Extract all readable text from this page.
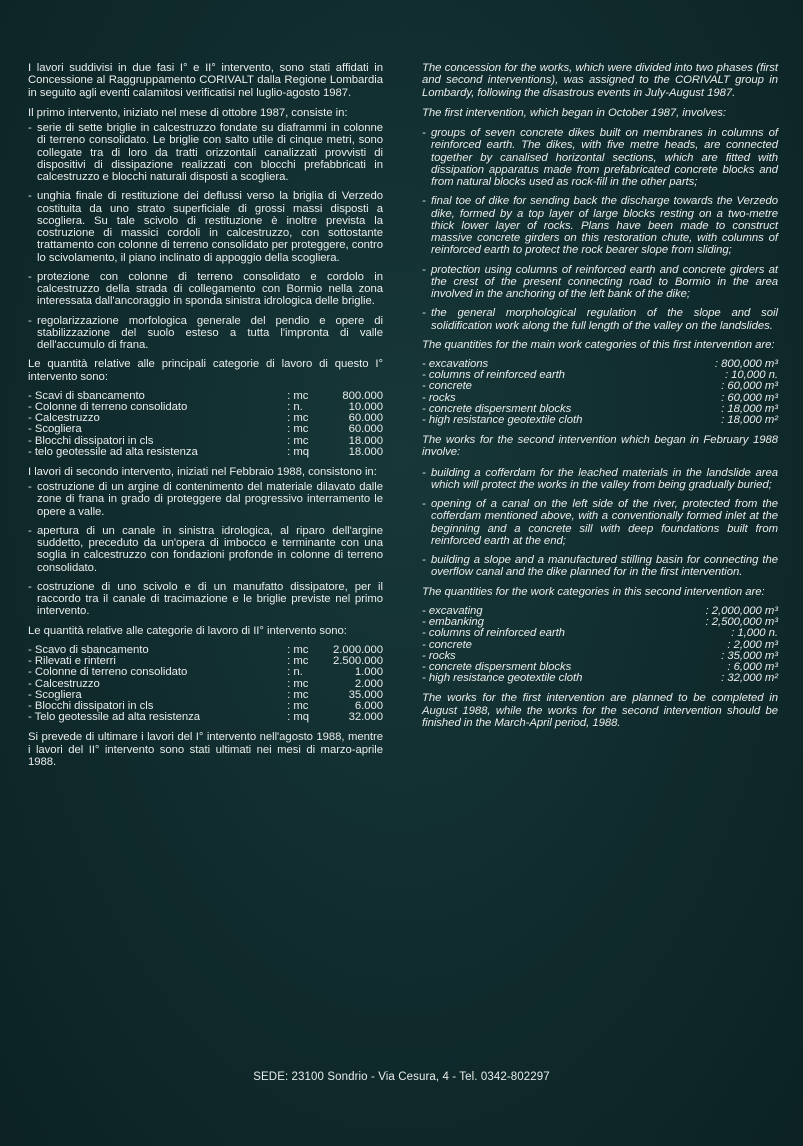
I lavori suddivisi in due fasi I° e II° intervento, sono stati affidati in Concessione al Raggruppamento CORIVALT dalla Regione Lombardia in seguito agli eventi calamitosi verificatisi nel luglio-agosto 1987.

Il primo intervento, iniziato nel mese di ottobre 1987, consiste in:

- serie di sette briglie in calcestruzzo fondate su diaframmi in colonne di terreno consolidato. Le briglie con salto utile di cinque metri, sono collegate tra di loro da tratti orizzontali canalizzati provvisti di dispositivi di dissipazione realizzati con blocchi prefabbricati in calcestruzzo e blocchi naturali disposti a scogliera.
- unghia finale di restituzione dei deflussi verso la briglia di Verzedo costituita da uno strato superficiale di grossi massi disposti a scogliera. Su tale scivolo di restituzione è inoltre prevista la costruzione di massici cordoli in calcestruzzo, con sottostante trattamento con colonne di terreno consolidato per proteggere, contro lo scivolamento, il piano inclinato di appoggio della scogliera.
- protezione con colonne di terreno consolidato e cordolo in calcestruzzo della strada di collegamento con Bormio nella zona interessata dall'ancoraggio in sponda sinistra idrologica delle briglie.
- regolarizzazione morfologica generale del pendio e opere di stabilizzazione del suolo esteso a tutta l'impronta di valle dell'accumulo di frana.

Le quantità relative alle principali categorie di lavoro di questo I° intervento sono:

- Scavi di sbancamento	: mc	800.000
- Colonne di terreno consolidato	: n.	10.000
- Calcestruzzo	: mc	60.000
- Scogliera	: mc	60.000
- Blocchi dissipatori in cls	: mc	18.000
- telo geotessile ad alta resistenza	: mq	18.000

I lavori di secondo intervento, iniziati nel Febbraio 1988, consistono in:

- costruzione di un argine di contenimento del materiale dilavato dalle zone di frana in grado di proteggere dal progressivo interramento le opere a valle.
- apertura di un canale in sinistra idrologica, al riparo dell'argine suddetto, preceduto da un'opera di imbocco e terminante con una soglia in calcestruzzo con fondazioni profonde in colonne di terreno consolidato.
- costruzione di uno scivolo e di un manufatto dissipatore, per il raccordo tra il canale di tracimazione e le briglie previste nel primo intervento.

Le quantità relative alle categorie di lavoro di II° intervento sono:

- Scavo di sbancamento	: mc	2.000.000
- Rilevati e rinterri	: mc	2.500.000
- Colonne di terreno consolidato	: n.	1.000
- Calcestruzzo	: mc	2.000
- Scogliera	: mc	35.000
- Blocchi dissipatori in cls	: mc	6.000
- Telo geotessile ad alta resistenza	: mq	32.000

Si prevede di ultimare i lavori del I° intervento nell'agosto 1988, mentre i lavori del II° intervento sono stati ultimati nei mesi di marzo-aprile 1988.

The concession for the works, which were divided into two phases (first and second interventions), was assigned to the CORIVALT group in Lombardy, following the disastrous events in July-August 1987.

The first intervention, which began in October 1987, involves:

- groups of seven concrete dikes built on membranes in columns of reinforced earth. The dikes, with five metre heads, are connected together by canalised horizontal sections, which are fitted with dissipation apparatus made from prefabricated concrete blocks and from natural blocks used as rock-fill in the other parts;
- final toe of dike for sending back the discharge towards the Verzedo dike, formed by a top layer of large blocks resting on a two-metre thick lower layer of rocks. Plans have been made to construct massive concrete girders on this restoration chute, with columns of reinforced earth to protect the rock bearer slope from sliding;
- protection using columns of reinforced earth and concrete girders at the crest of the present connecting road to Bormio in the area involved in the anchoring of the left bank of the dike;
- the general morphological regulation of the slope and soil solidification work along the full length of the valley on the landslides.

The quantities for the main work categories of this first intervention are:

- excavations	: 800,000 m³
- columns of reinforced earth	: 10,000 n.
- concrete	: 60,000 m³
- rocks	: 60,000 m³
- concrete dispersment blocks	: 18,000 m³
- high resistance geotextile cloth	: 18,000 m²

The works for the second intervention which began in February 1988 involve:

- building a cofferdam for the leached materials in the landslide area which will protect the works in the valley from being gradually buried;
- opening of a canal on the left side of the river, protected from the cofferdam mentioned above, with a conventionally formed inlet at the beginning and a concrete sill with deep foundations built from reinforced earth at the end;
- building a slope and a manufactured stilling basin for connecting the overflow canal and the dike planned for in the first intervention.

The quantities for the work categories in this second intervention are:

- excavating	: 2,000,000 m³
- embanking	: 2,500,000 m³
- columns of reinforced earth	: 1,000 n.
- concrete	: 2,000 m³
- rocks	: 35,000 m³
- concrete dispersment blocks	: 6,000 m³
- high resistance geotextile cloth	: 32,000 m²

The works for the first intervention are planned to be completed in August 1988, while the works for the second intervention should be finished in the March-April period, 1988.

SEDE: 23100 Sondrio - Via Cesura, 4 - Tel. 0342-802297
